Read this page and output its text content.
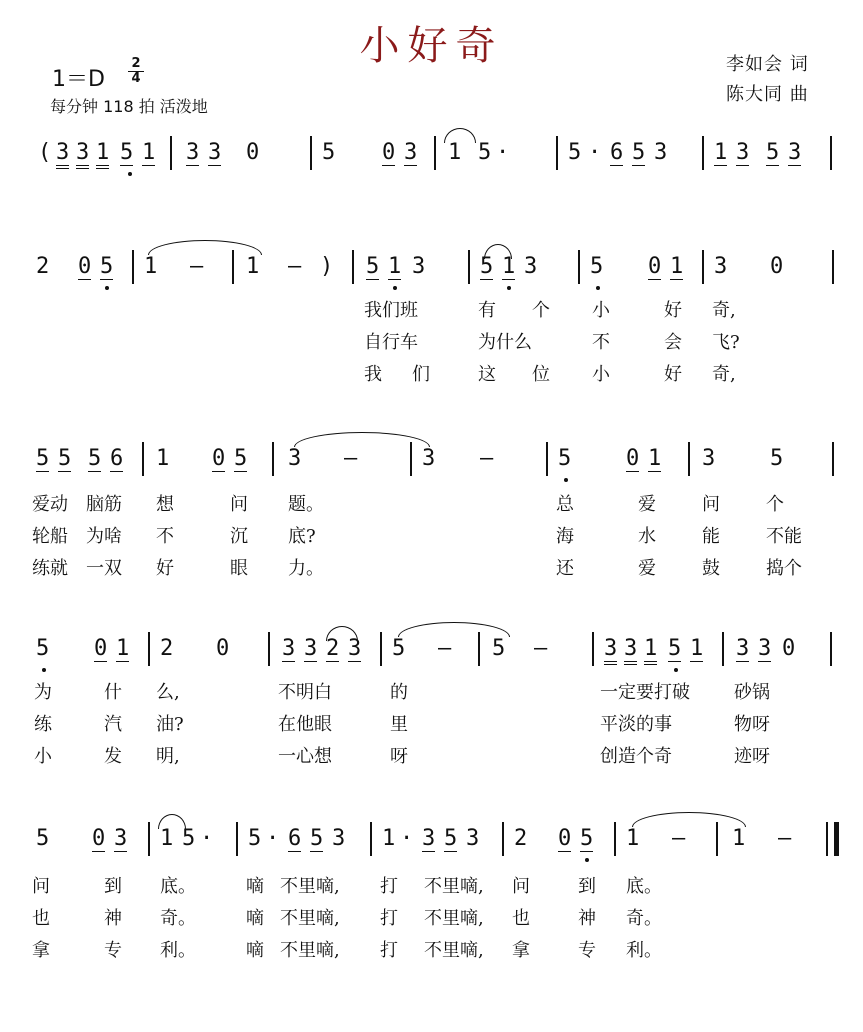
小好奇
1＝D
2
4
每分钟 118 拍 活泼地
李如会 词
陈大同 曲
( 3 3 1 5 1 3 3 0	5 0 3 1 5 ·	5 · 6 5 3 1 3 5 3
2 0 5 1 – 1 – ) 5 1 3 5 1 3 5 0 1 3 0
我们班	有 个 小	好 奇,
自行车	为什么	不	会 飞?
我 们	这 位 小	好 奇,
5 5 5 6 1 0 5 3 –	3 –	5 0 1 3 5
爱动 脑筋 想	问 题。	总	爱	问	个
轮船 为啥 不	沉 底?	海	水	能	不能
练就 一双 好	眼 力。	还	爱	鼓	捣个
5 0 1 2 0 3 3 2 3 5 – 5 –	3 3 1 5 1 3 3 0
为	什 么,	不明白	的	一定要打破 砂锅
练	汽 油?	在他眼	里	平淡的事	物呀
小	发 明,	一心想	呀	创造个奇	迹呀
5 0 3 1 5 · 5 · 6 5 3 1 · 3 5 3 2 0 5 1 – 1 –
问	到 底。	嘀 不里嘀, 打 不里嘀, 问	到 底。
也	神 奇。	嘀 不里嘀, 打 不里嘀, 也	神 奇。
拿	专 利。	嘀 不里嘀, 打 不里嘀, 拿	专 利。
